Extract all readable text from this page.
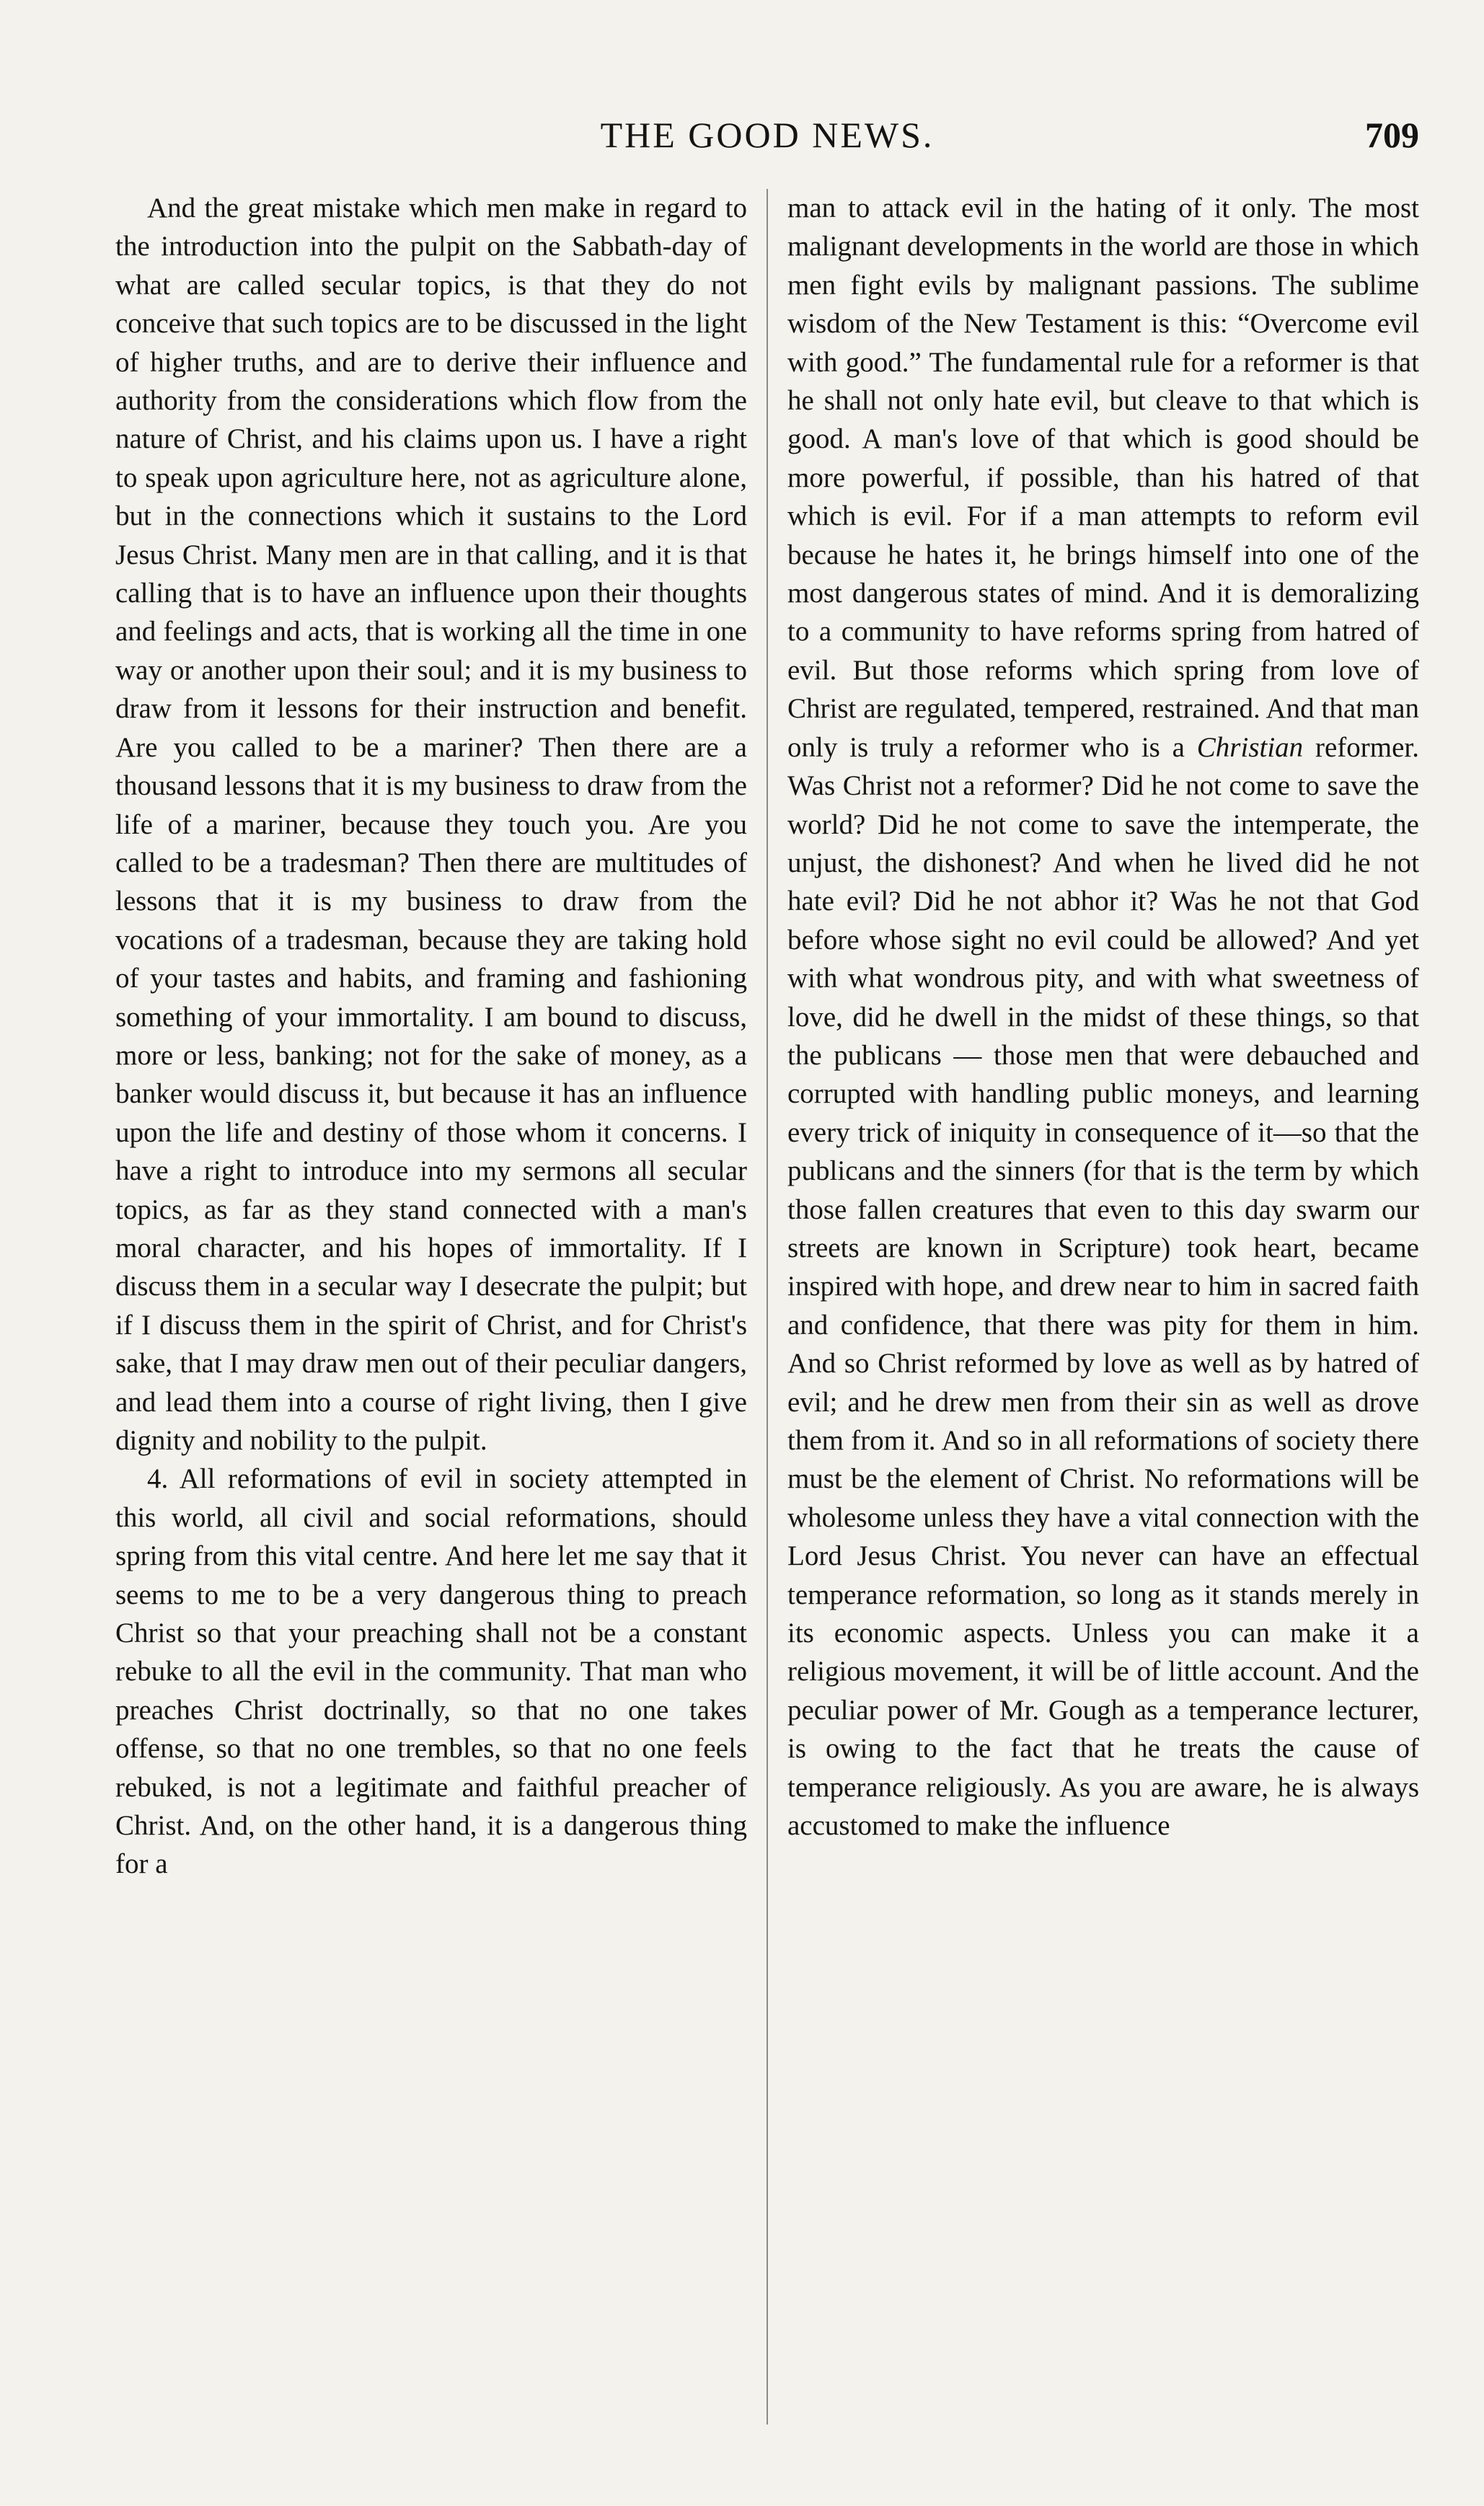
THE GOOD NEWS.	709

And the great mistake which men make in regard to the introduction into the pulpit on the Sabbath-day of what are called secular topics, is that they do not conceive that such topics are to be discussed in the light of higher truths, and are to derive their influence and authority from the considerations which flow from the nature of Christ, and his claims upon us. I have a right to speak upon agriculture here, not as agriculture alone, but in the connections which it sustains to the Lord Jesus Christ. Many men are in that calling, and it is that calling that is to have an influence upon their thoughts and feelings and acts, that is working all the time in one way or another upon their soul; and it is my business to draw from it lessons for their instruction and benefit. Are you called to be a mariner? Then there are a thousand lessons that it is my business to draw from the life of a mariner, because they touch you. Are you called to be a tradesman? Then there are multitudes of lessons that it is my business to draw from the vocations of a tradesman, because they are taking hold of your tastes and habits, and framing and fashioning something of your immortality. I am bound to discuss, more or less, banking; not for the sake of money, as a banker would discuss it, but because it has an influence upon the life and destiny of those whom it concerns. I have a right to introduce into my sermons all secular topics, as far as they stand connected with a man's moral character, and his hopes of immortality. If I discuss them in a secular way I desecrate the pulpit; but if I discuss them in the spirit of Christ, and for Christ's sake, that I may draw men out of their peculiar dangers, and lead them into a course of right living, then I give dignity and nobility to the pulpit.

4. All reformations of evil in society attempted in this world, all civil and social reformations, should spring from this vital centre. And here let me say that it seems to me to be a very dangerous thing to preach Christ so that your preaching shall not be a constant rebuke to all the evil in the community. That man who preaches Christ doctrinally, so that no one takes offense, so that no one trembles, so that no one feels rebuked, is not a legitimate and faithful preacher of Christ. And, on the other hand, it is a dangerous thing for a

man to attack evil in the hating of it only. The most malignant developments in the world are those in which men fight evils by malignant passions. The sublime wisdom of the New Testament is this: “Overcome evil with good.” The fundamental rule for a reformer is that he shall not only hate evil, but cleave to that which is good. A man's love of that which is good should be more powerful, if possible, than his hatred of that which is evil. For if a man attempts to reform evil because he hates it, he brings himself into one of the most dangerous states of mind. And it is demoralizing to a community to have reforms spring from hatred of evil. But those reforms which spring from love of Christ are regulated, tempered, restrained. And that man only is truly a reformer who is a Christian reformer. Was Christ not a reformer? Did he not come to save the world? Did he not come to save the intemperate, the unjust, the dishonest? And when he lived did he not hate evil? Did he not abhor it? Was he not that God before whose sight no evil could be allowed? And yet with what wondrous pity, and with what sweetness of love, did he dwell in the midst of these things, so that the publicans — those men that were debauched and corrupted with handling public moneys, and learning every trick of iniquity in consequence of it—so that the publicans and the sinners (for that is the term by which those fallen creatures that even to this day swarm our streets are known in Scripture) took heart, became inspired with hope, and drew near to him in sacred faith and confidence, that there was pity for them in him. And so Christ reformed by love as well as by hatred of evil; and he drew men from their sin as well as drove them from it. And so in all reformations of society there must be the element of Christ. No reformations will be wholesome unless they have a vital connection with the Lord Jesus Christ. You never can have an effectual temperance reformation, so long as it stands merely in its economic aspects. Unless you can make it a religious movement, it will be of little account. And the peculiar power of Mr. Gough as a temperance lecturer, is owing to the fact that he treats the cause of temperance religiously. As you are aware, he is always accustomed to make the influence
